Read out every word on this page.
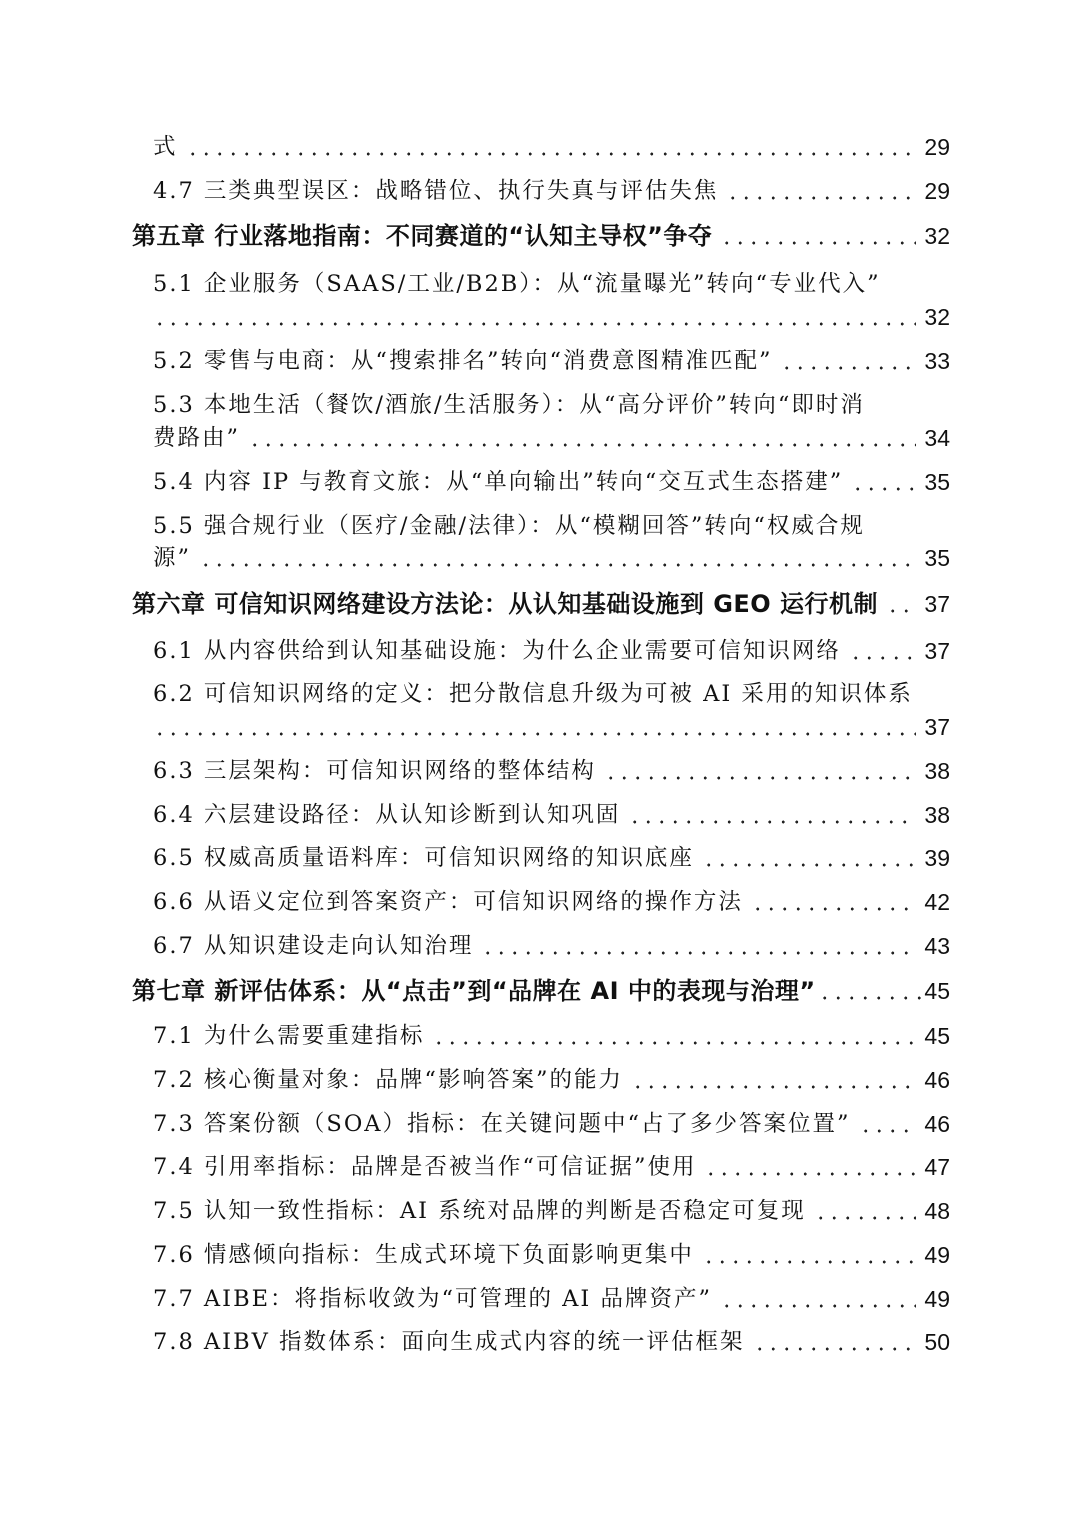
式	29
4.7 三类典型误区：战略错位、执行失真与评估失焦	29
第五章 行业落地指南：不同赛道的“认知主导权”争夺	32
5.1 企业服务（SAAS/工业/B2B）：从“流量曝光”转向“专业代入”
32
5.2 零售与电商：从“搜索排名”转向“消费意图精准匹配”	33
5.3 本地生活（餐饮/酒旅/生活服务）：从“高分评价”转向“即时消
费路由”	34
5.4 内容 IP 与教育文旅：从“单向输出”转向“交互式生态搭建”	35
5.5 强合规行业（医疗/金融/法律）：从“模糊回答”转向“权威合规
源”	35
第六章 可信知识网络建设方法论：从认知基础设施到 GEO 运行机制 37
6.1 从内容供给到认知基础设施：为什么企业需要可信知识网络	37
6.2 可信知识网络的定义：把分散信息升级为可被 AI 采用的知识体系
37
6.3 三层架构：可信知识网络的整体结构	38
6.4 六层建设路径：从认知诊断到认知巩固	38
6.5 权威高质量语料库：可信知识网络的知识底座	39
6.6 从语义定位到答案资产：可信知识网络的操作方法	42
6.7 从知识建设走向认知治理	43
第七章 新评估体系：从“点击”到“品牌在 AI 中的表现与治理”	45
7.1 为什么需要重建指标	45
7.2 核心衡量对象：品牌“影响答案”的能力	46
7.3 答案份额（SOA）指标：在关键问题中“占了多少答案位置”	46
7.4 引用率指标：品牌是否被当作“可信证据”使用	47
7.5 认知一致性指标：AI 系统对品牌的判断是否稳定可复现	48
7.6 情感倾向指标：生成式环境下负面影响更集中	49
7.7 AIBE：将指标收敛为“可管理的 AI 品牌资产”	49
7.8 AIBV 指数体系：面向生成式内容的统一评估框架	50
